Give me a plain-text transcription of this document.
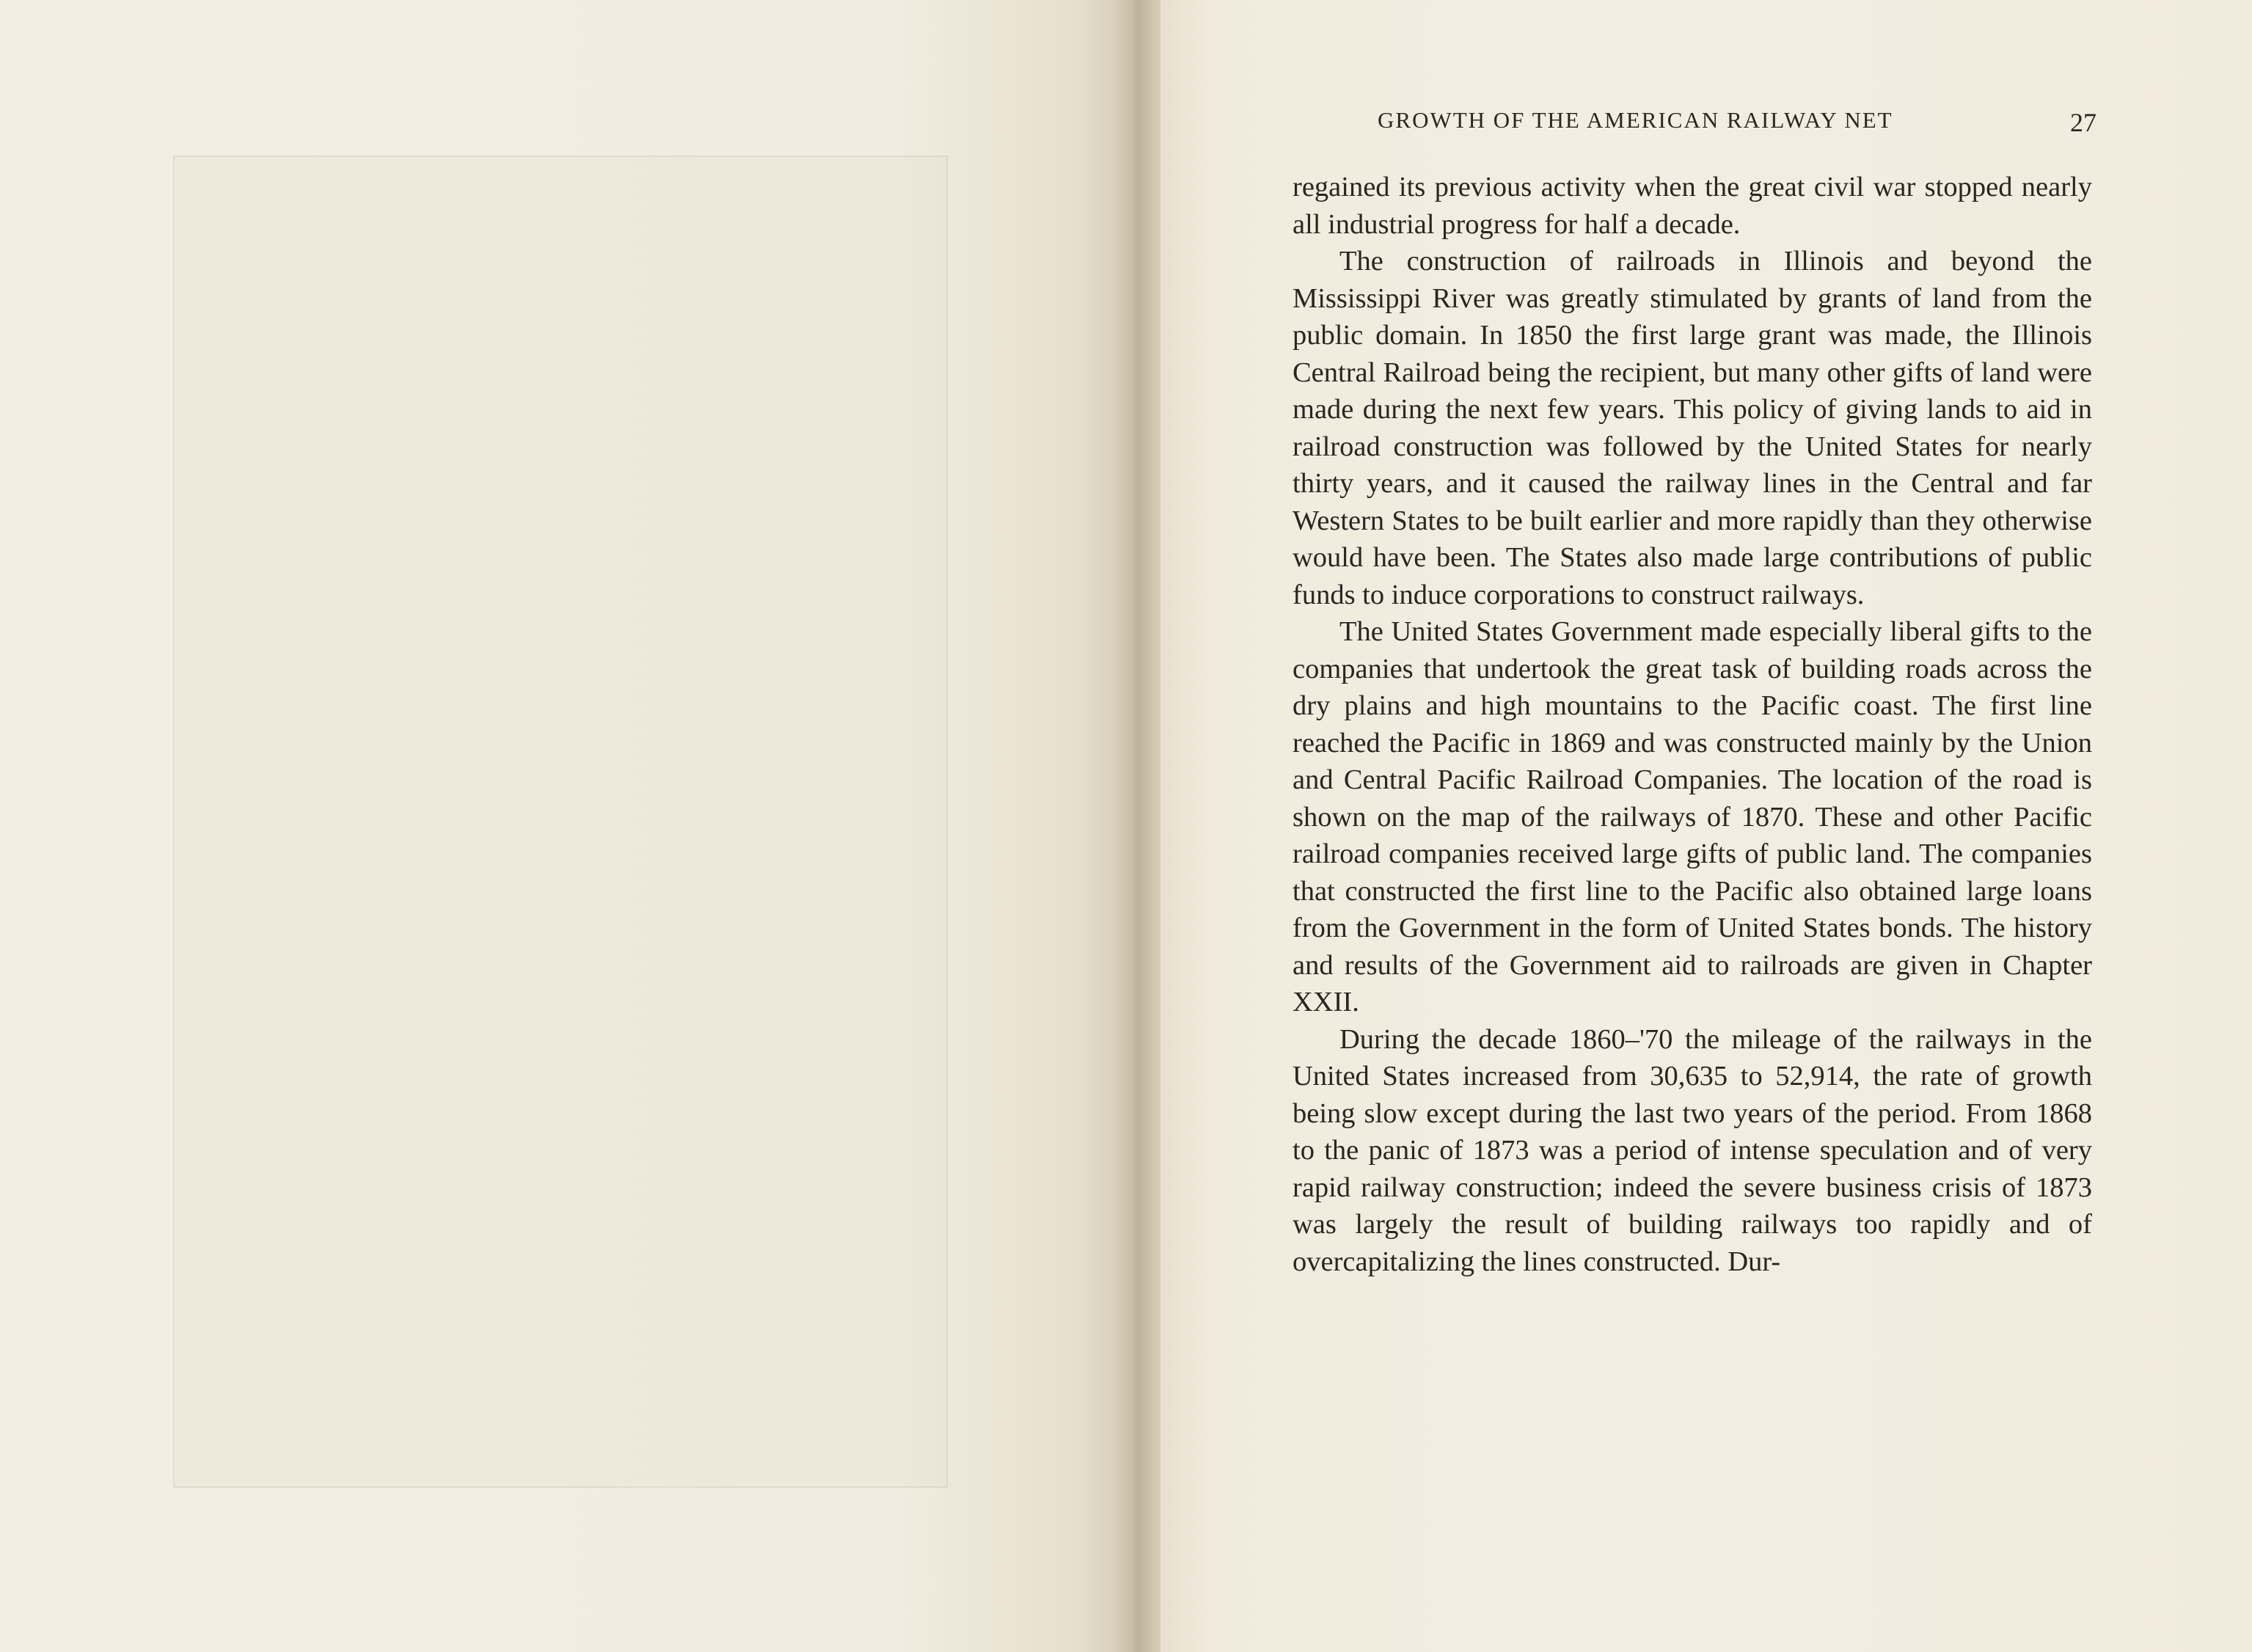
GROWTH OF THE AMERICAN RAILWAY NET	27

regained its previous activity when the great civil war stopped nearly all industrial progress for half a decade.

The construction of railroads in Illinois and beyond the Mississippi River was greatly stimulated by grants of land from the public domain. In 1850 the first large grant was made, the Illinois Central Railroad being the recipient, but many other gifts of land were made during the next few years. This policy of giving lands to aid in railroad construction was followed by the United States for nearly thirty years, and it caused the railway lines in the Central and far Western States to be built earlier and more rapidly than they otherwise would have been. The States also made large contributions of public funds to induce corporations to construct railways.

The United States Government made especially liberal gifts to the companies that undertook the great task of building roads across the dry plains and high mountains to the Pacific coast. The first line reached the Pacific in 1869 and was constructed mainly by the Union and Central Pacific Railroad Companies. The location of the road is shown on the map of the railways of 1870. These and other Pacific railroad companies received large gifts of public land. The companies that constructed the first line to the Pacific also obtained large loans from the Government in the form of United States bonds. The history and results of the Government aid to railroads are given in Chapter XXII.

During the decade 1860–'70 the mileage of the railways in the United States increased from 30,635 to 52,914, the rate of growth being slow except during the last two years of the period. From 1868 to the panic of 1873 was a period of intense speculation and of very rapid railway construction; indeed the severe business crisis of 1873 was largely the result of building railways too rapidly and of overcapitalizing the lines constructed. Dur-
